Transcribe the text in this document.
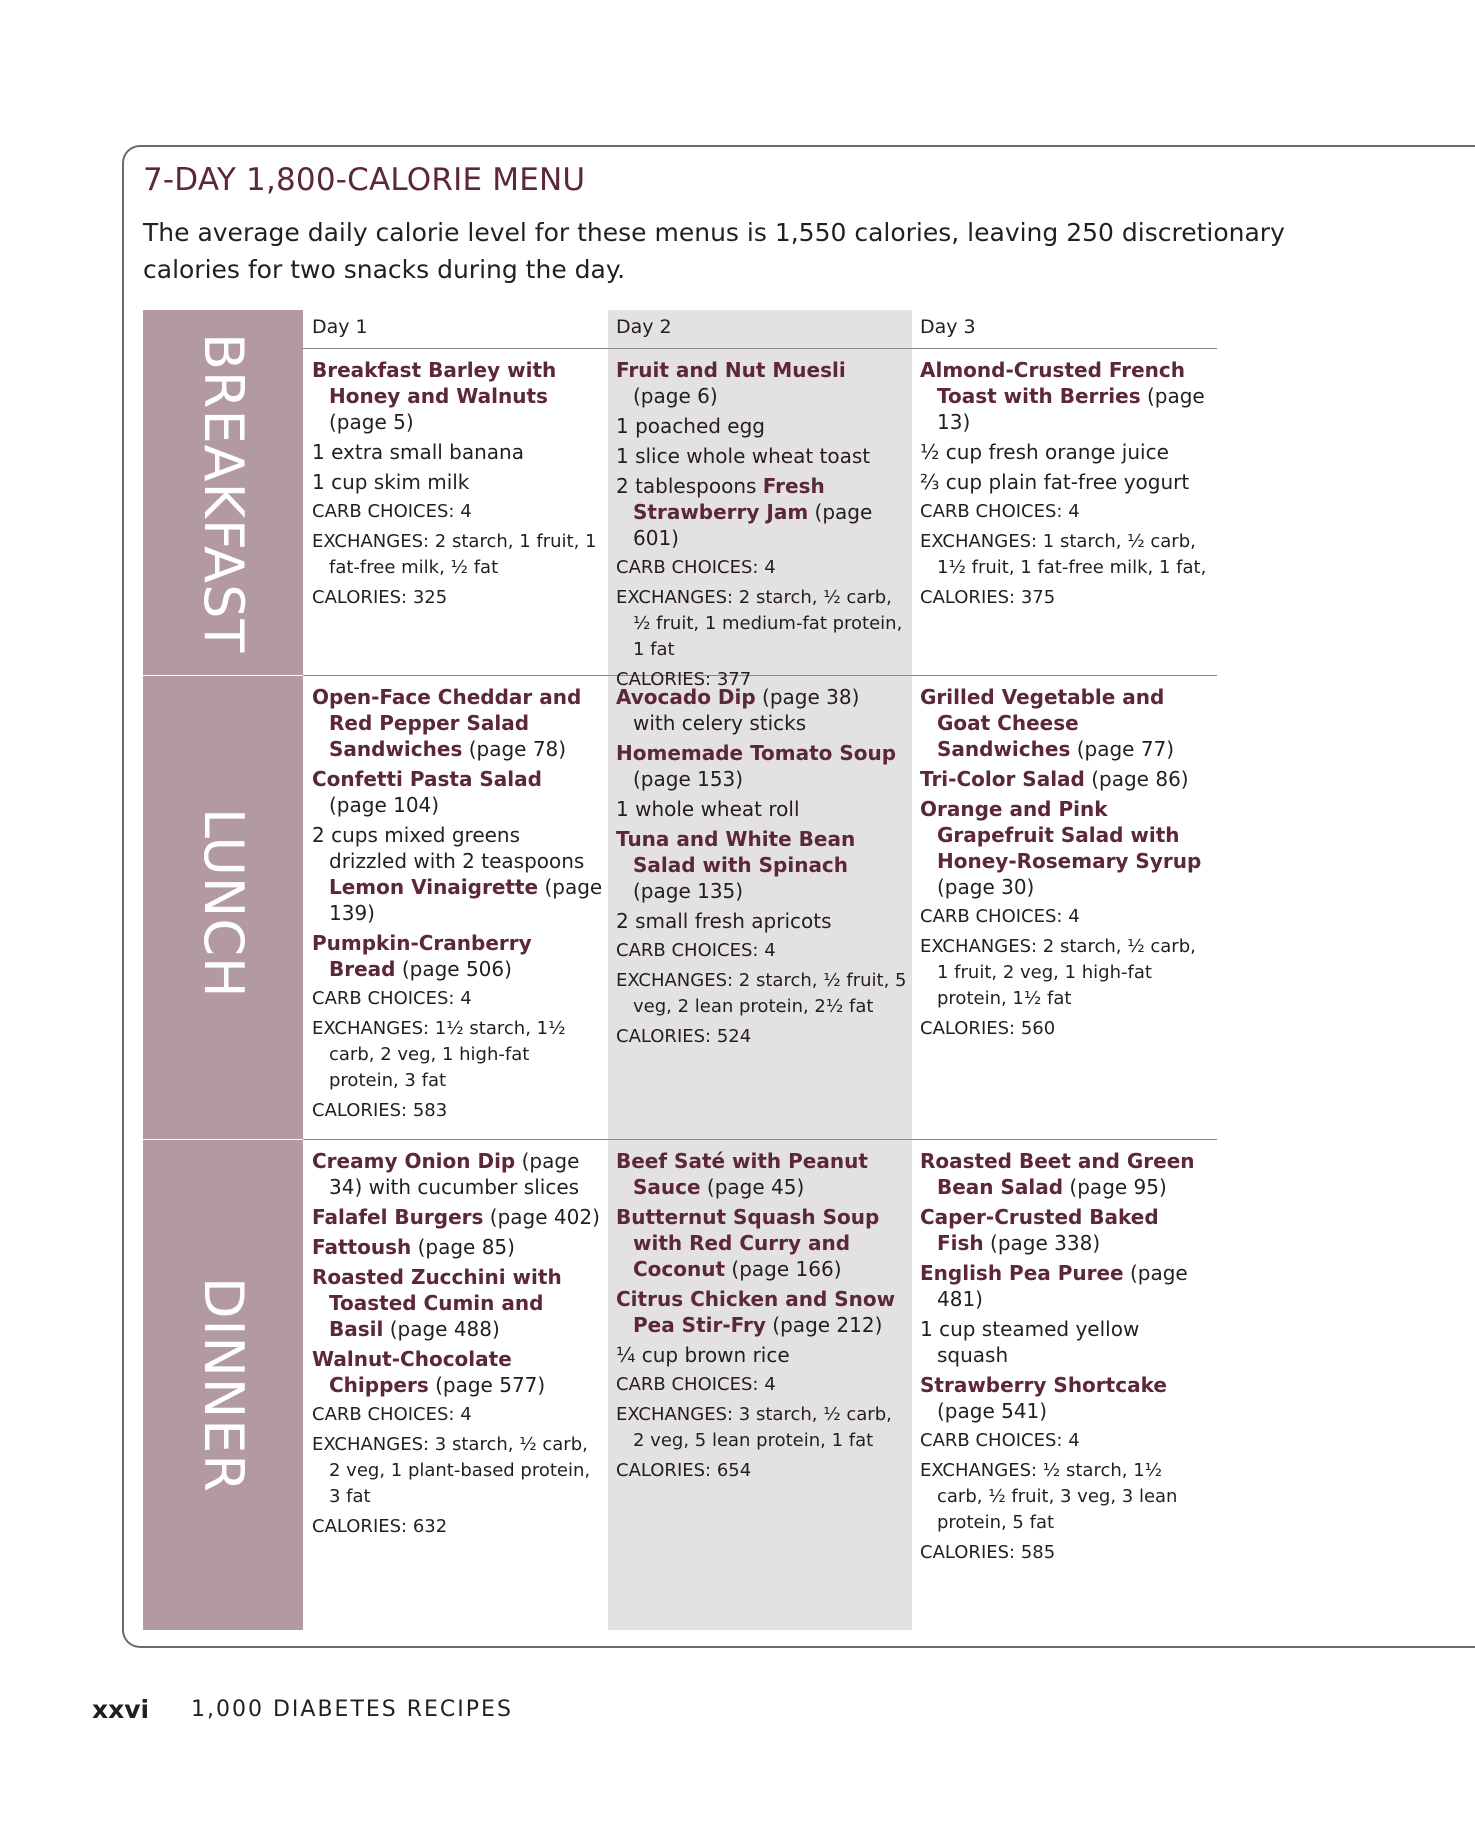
7-DAY 1,800-CALORIE MENU
The average daily calorie level for these menus is 1,550 calories, leaving 250 discretionary calories for two snacks during the day.
BREAKFAST
LUNCH
DINNER
Day 1	Day 2	Day 3
Breakfast Barley with Honey and Walnuts (page 5)
1 extra small banana
1 cup skim milk
CARB CHOICES: 4
EXCHANGES: 2 starch, 1 fruit, 1 fat-free milk, ½ fat
CALORIES: 325
Fruit and Nut Muesli (page 6)
1 poached egg
1 slice whole wheat toast
2 tablespoons Fresh Strawberry Jam (page 601)
CARB CHOICES: 4
EXCHANGES: 2 starch, ½ carb, ½ fruit, 1 medium-fat protein, 1 fat
CALORIES: 377
Almond-Crusted French Toast with Berries (page 13)
½ cup fresh orange juice
⅔ cup plain fat-free yogurt
CARB CHOICES: 4
EXCHANGES: 1 starch, ½ carb, 1½ fruit, 1 fat-free milk, 1 fat,
CALORIES: 375
Open-Face Cheddar and Red Pepper Salad Sandwiches (page 78)
Confetti Pasta Salad (page 104)
2 cups mixed greens drizzled with 2 teaspoons Lemon Vinaigrette (page 139)
Pumpkin-Cranberry Bread (page 506)
CARB CHOICES: 4
EXCHANGES: 1½ starch, 1½ carb, 2 veg, 1 high-fat protein, 3 fat
CALORIES: 583
Avocado Dip (page 38) with celery sticks
Homemade Tomato Soup (page 153)
1 whole wheat roll
Tuna and White Bean Salad with Spinach (page 135)
2 small fresh apricots
CARB CHOICES: 4
EXCHANGES: 2 starch, ½ fruit, 5 veg, 2 lean protein, 2½ fat
CALORIES: 524
Grilled Vegetable and Goat Cheese Sandwiches (page 77)
Tri-Color Salad (page 86)
Orange and Pink Grapefruit Salad with Honey-Rosemary Syrup (page 30)
CARB CHOICES: 4
EXCHANGES: 2 starch, ½ carb, 1 fruit, 2 veg, 1 high-fat protein, 1½ fat
CALORIES: 560
Creamy Onion Dip (page 34) with cucumber slices
Falafel Burgers (page 402)
Fattoush (page 85)
Roasted Zucchini with Toasted Cumin and Basil (page 488)
Walnut-Chocolate Chippers (page 577)
CARB CHOICES: 4
EXCHANGES: 3 starch, ½ carb, 2 veg, 1 plant-based protein, 3 fat
CALORIES: 632
Beef Saté with Peanut Sauce (page 45)
Butternut Squash Soup with Red Curry and Coconut (page 166)
Citrus Chicken and Snow Pea Stir-Fry (page 212)
¼ cup brown rice
CARB CHOICES: 4
EXCHANGES: 3 starch, ½ carb, 2 veg, 5 lean protein, 1 fat
CALORIES: 654
Roasted Beet and Green Bean Salad (page 95)
Caper-Crusted Baked Fish (page 338)
English Pea Puree (page 481)
1 cup steamed yellow squash
Strawberry Shortcake (page 541)
CARB CHOICES: 4
EXCHANGES: ½ starch, 1½ carb, ½ fruit, 3 veg, 3 lean protein, 5 fat
CALORIES: 585
xxvi 1,000 DIABETES RECIPES
